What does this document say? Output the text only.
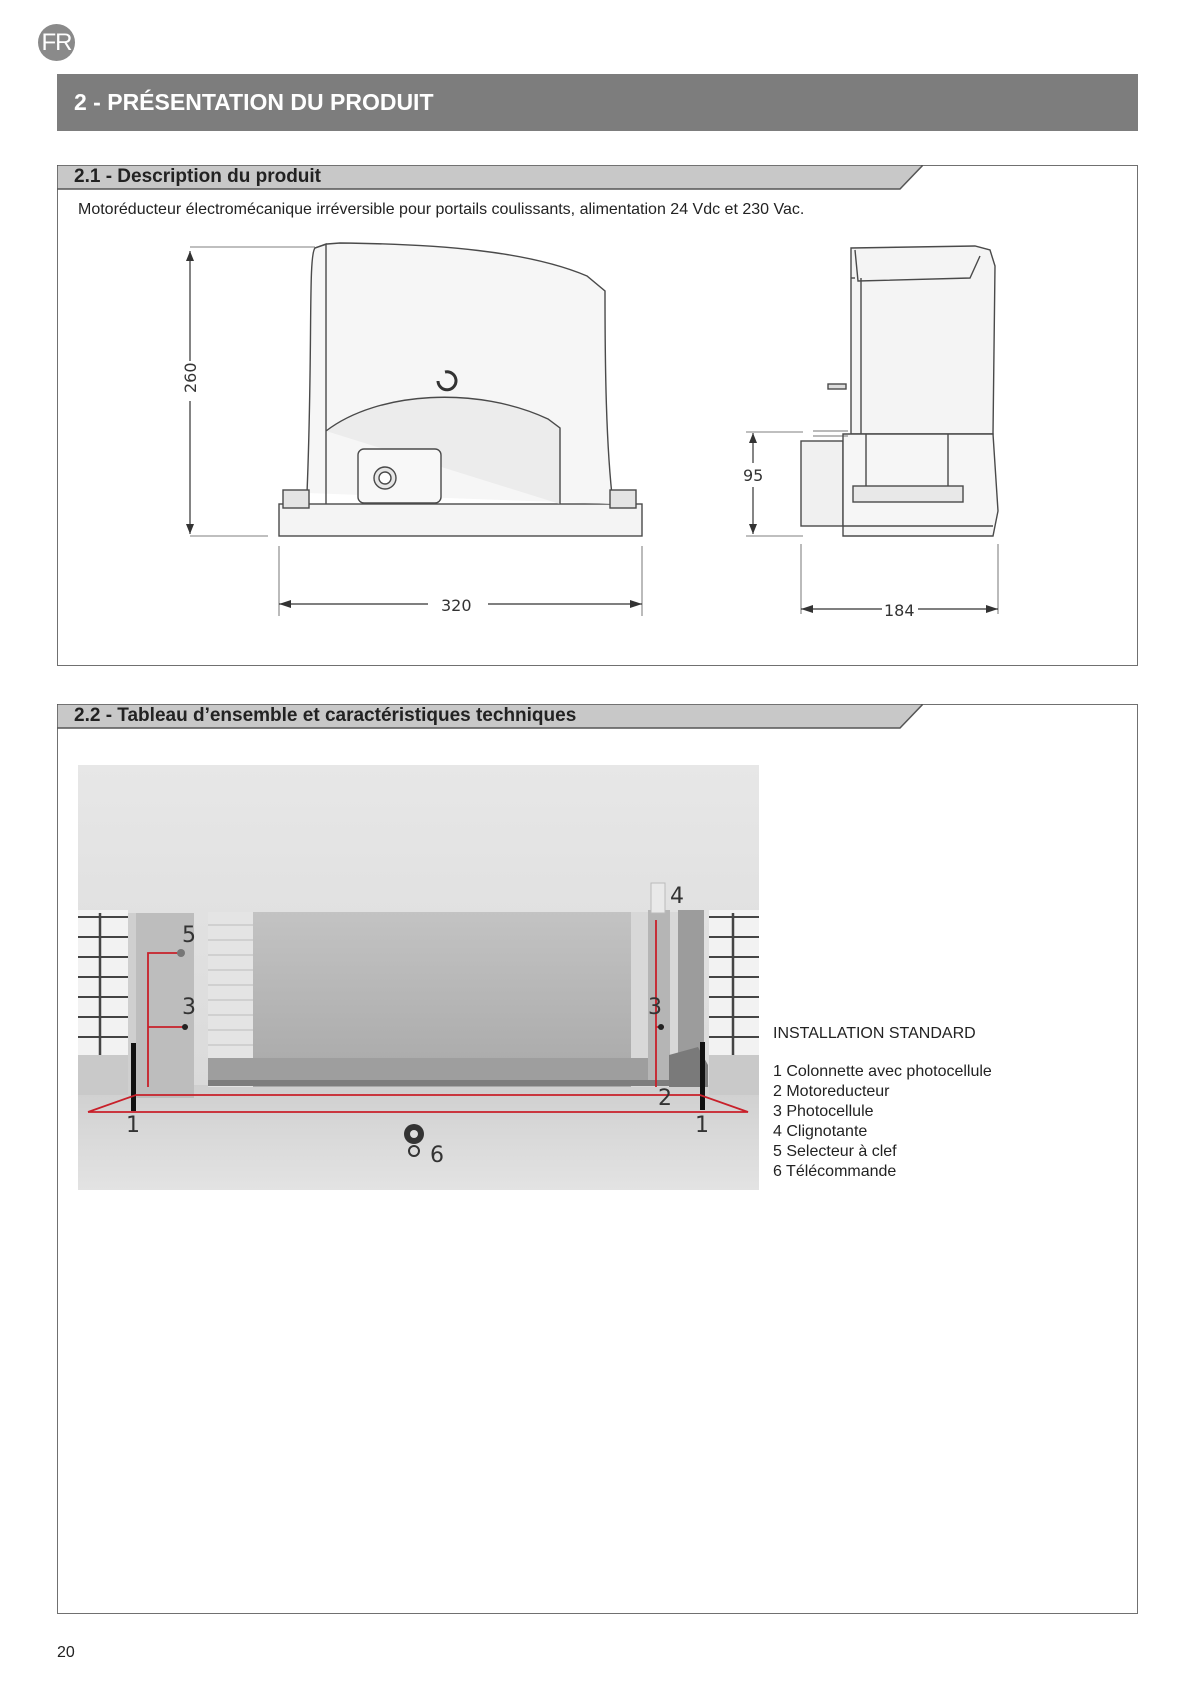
FR
2 - PRÉSENTATION DU PRODUIT
2.1 - Description du produit
Motoréducteur électromécanique irréversible pour portails coulissants, alimentation 24 Vdc et 230 Vac.
260
320
95
184
2.2 - Tableau d’ensemble et caractéristiques techniques
1	1
2
3	3
4
5
6
INSTALLATION STANDARD
1 Colonnette avec photocellule
2 Motoreducteur
3 Photocellule
4 Clignotante
5 Selecteur à clef
6 Télécommande
20
